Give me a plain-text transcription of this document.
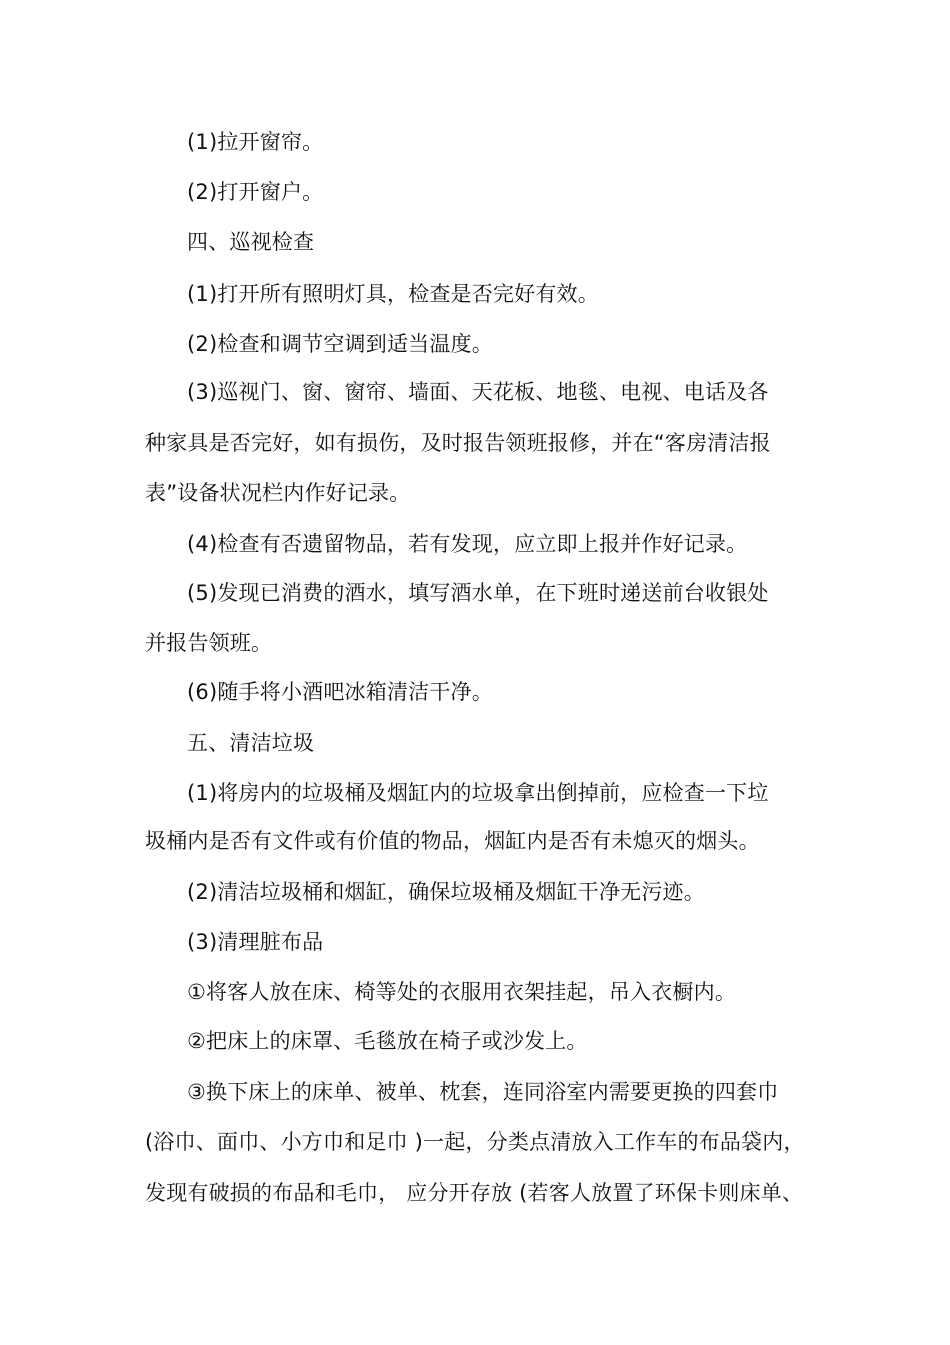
(1)拉开窗帘。
(2)打开窗户。
四、巡视检查
(1)打开所有照明灯具，检查是否完好有效。
(2)检查和调节空调到适当温度。
(3)巡视门、窗、窗帘、墙面、天花板、地毯、电视、电话及各
种家具是否完好，如有损伤，及时报告领班报修，并在“客房清洁报
表”设备状况栏内作好记录。
(4)检查有否遗留物品，若有发现，应立即上报并作好记录。
(5)发现已消费的酒水，填写酒水单，在下班时递送前台收银处
并报告领班。
(6)随手将小酒吧冰箱清洁干净。
五、清洁垃圾
(1)将房内的垃圾桶及烟缸内的垃圾拿出倒掉前，应检查一下垃
圾桶内是否有文件或有价值的物品，烟缸内是否有未熄灭的烟头。
(2)清洁垃圾桶和烟缸，确保垃圾桶及烟缸干净无污迹。
(3)清理脏布品
①将客人放在床、椅等处的衣服用衣架挂起，吊入衣橱内。
②把床上的床罩、毛毯放在椅子或沙发上。
③换下床上的床单、被单、枕套，连同浴室内需要更换的四套巾
(浴巾、面巾、小方巾和足巾 )一起，分类点清放入工作车的布品袋内，
发现有破损的布品和毛巾， 应分开存放 (若客人放置了环保卡则床单、
